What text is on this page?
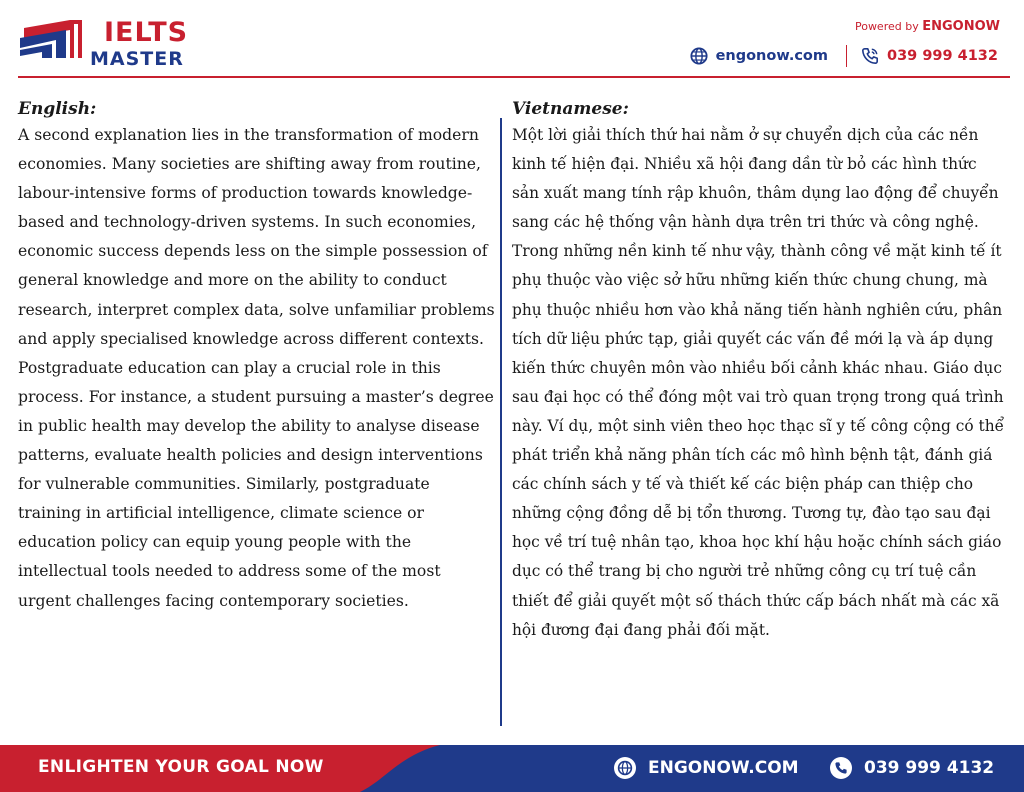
IELTS
MASTER
Powered by ENGONOW
engonow.com	039 999 4132
English:
A second explanation lies in the transformation of modern economies. Many societies are shifting away from routine, labour-intensive forms of production towards knowledge-based and technology-driven systems. In such economies, economic success depends less on the simple possession of general knowledge and more on the ability to conduct research, interpret complex data, solve unfamiliar problems and apply specialised knowledge across different contexts. Postgraduate education can play a crucial role in this process. For instance, a student pursuing a master’s degree in public health may develop the ability to analyse disease patterns, evaluate health policies and design interventions for vulnerable communities. Similarly, postgraduate training in artificial intelligence, climate science or education policy can equip young people with the intellectual tools needed to address some of the most urgent challenges facing contemporary societies.
Vietnamese:
Một lời giải thích thứ hai nằm ở sự chuyển dịch của các nền kinh tế hiện đại. Nhiều xã hội đang dần từ bỏ các hình thức sản xuất mang tính rập khuôn, thâm dụng lao động để chuyển sang các hệ thống vận hành dựa trên tri thức và công nghệ. Trong những nền kinh tế như vậy, thành công về mặt kinh tế ít phụ thuộc vào việc sở hữu những kiến thức chung chung, mà phụ thuộc nhiều hơn vào khả năng tiến hành nghiên cứu, phân tích dữ liệu phức tạp, giải quyết các vấn đề mới lạ và áp dụng kiến thức chuyên môn vào nhiều bối cảnh khác nhau. Giáo dục sau đại học có thể đóng một vai trò quan trọng trong quá trình này. Ví dụ, một sinh viên theo học thạc sĩ y tế công cộng có thể phát triển khả năng phân tích các mô hình bệnh tật, đánh giá các chính sách y tế và thiết kế các biện pháp can thiệp cho những cộng đồng dễ bị tổn thương. Tương tự, đào tạo sau đại học về trí tuệ nhân tạo, khoa học khí hậu hoặc chính sách giáo dục có thể trang bị cho người trẻ những công cụ trí tuệ cần thiết để giải quyết một số thách thức cấp bách nhất mà các xã hội đương đại đang phải đối mặt.
ENLIGHTEN YOUR GOAL NOW	ENGONOW.COM	039 999 4132
